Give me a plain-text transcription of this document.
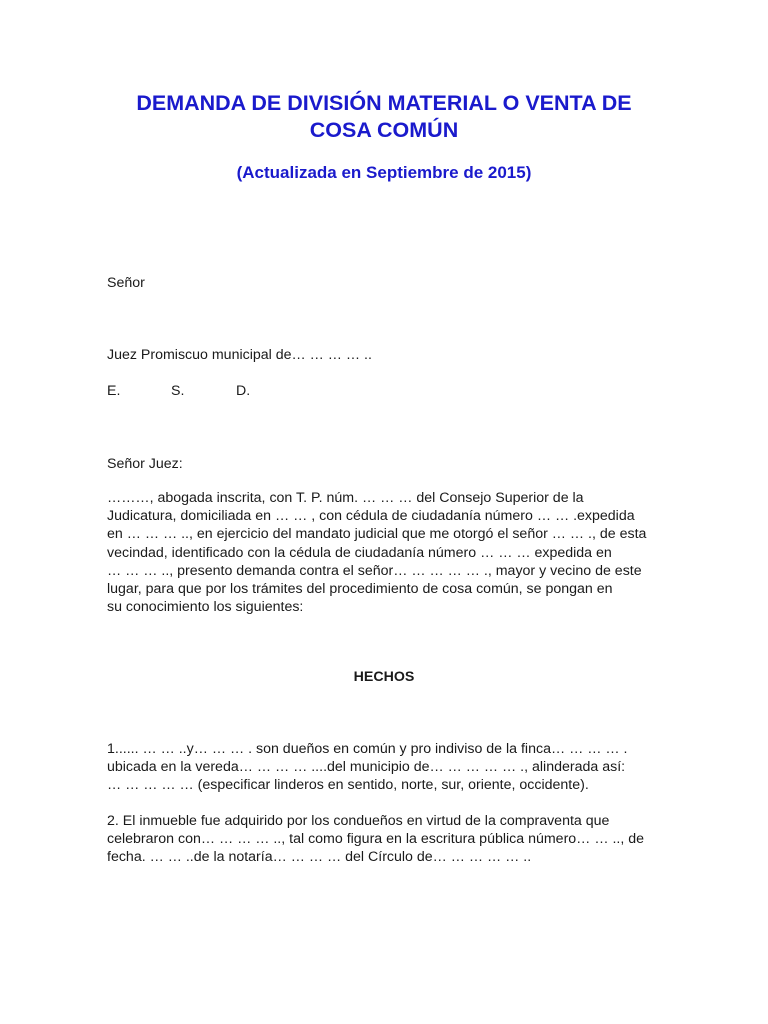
DEMANDA DE DIVISIÓN MATERIAL O VENTA DE
COSA COMÚN
(Actualizada en Septiembre de 2015)
Señor
Juez Promiscuo municipal de… … … … ..
E.	S.	D.
Señor Juez:
………, abogada inscrita, con T. P. núm. … … … del Consejo Superior de la
Judicatura, domiciliada en … … , con cédula de ciudadanía número … … .expedida
en … … … .., en ejercicio del mandato judicial que me otorgó el señor … … ., de esta
vecindad, identificado con la cédula de ciudadanía número … … … expedida en
… … … .., presento demanda contra el señor… … … … … ., mayor y vecino de este
lugar, para que por los trámites del procedimiento de cosa común, se pongan en
su conocimiento los siguientes:
HECHOS
1...... … … ..y… … … . son dueños en común y pro indiviso de la finca… … … … .
ubicada en la vereda… … … … ....del municipio de… … … … … ., alinderada así:
… … … … … (especificar linderos en sentido, norte, sur, oriente, occidente).
2. El inmueble fue adquirido por los condueños en virtud de la compraventa que
celebraron con… … … … .., tal como figura en la escritura pública número… … .., de
fecha. … … ..de la notaría… … … … del Círculo de… … … … … ..
